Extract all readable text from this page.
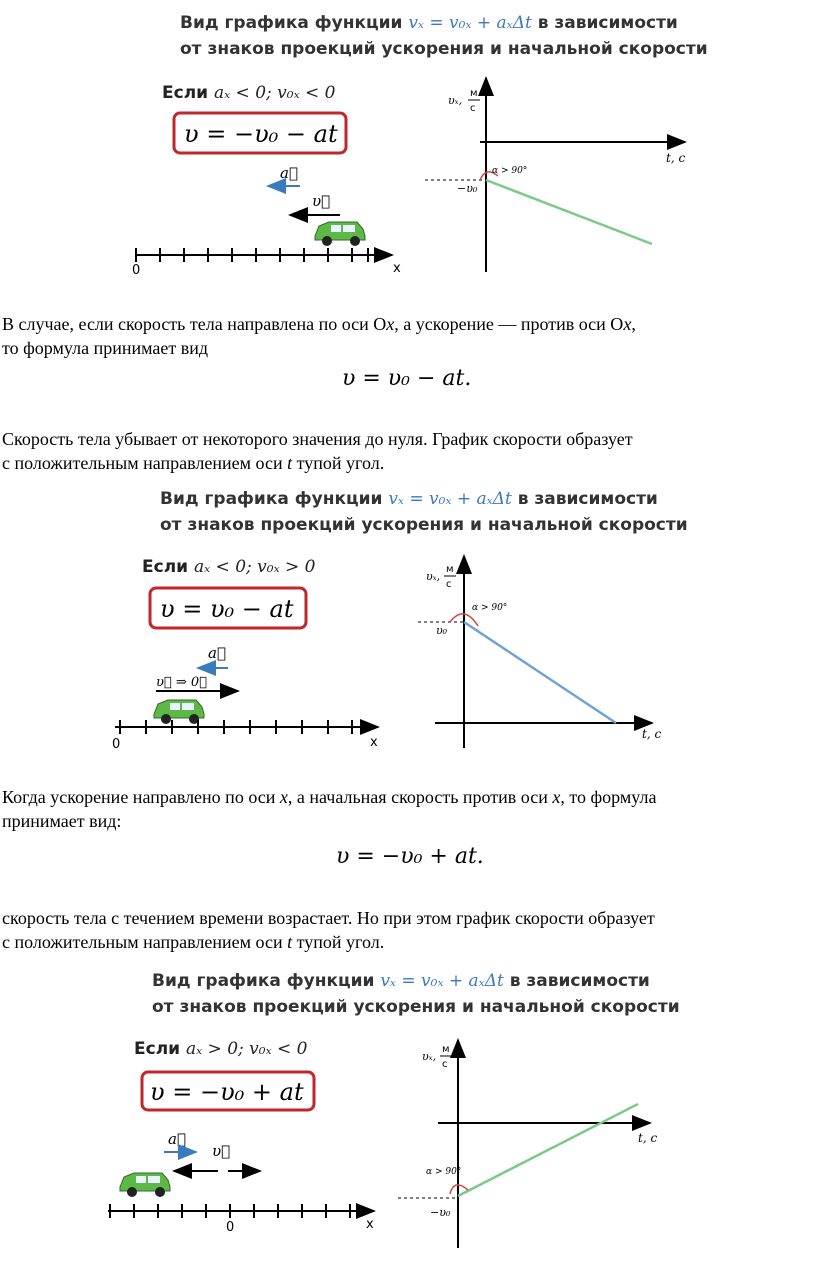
Вид графика функции vₓ = v₀ₓ + aₓΔt в зависимости
от знаков проекций ускорения и начальной скорости
Если aₓ < 0; v₀ₓ < 0
υ = −υ₀ − at
a⃗
υ⃗
0	x
υₓ,
м
с
t, с
−υ₀
α > 90°

В случае, если скорость тела направлена по оси Ox, а ускорение — против оси Ox,

то формула принимает вид

υ = υ₀ − at.

Скорость тела убывает от некоторого значения до нуля. График скорости образует

с положительным направлением оси t тупой угол.

Вид графика функции vₓ = v₀ₓ + aₓΔt в зависимости
от знаков проекций ускорения и начальной скорости
Если aₓ < 0; v₀ₓ > 0
υ = υ₀ − at
a⃗
υ⃗ ⇒ 0⃗
0	x
υₓ,
м
с
t, с
υ₀
α > 90°

Когда ускорение направлено по оси x, а начальная скорость против оси x, то формула

принимает вид:

υ = −υ₀ + at.

скорость тела с течением времени возрастает. Но при этом график скорости образует

с положительным направлением оси t тупой угол.

Вид графика функции vₓ = v₀ₓ + aₓΔt в зависимости
от знаков проекций ускорения и начальной скорости
Если aₓ > 0; v₀ₓ < 0
υ = −υ₀ + at
a⃗
υ⃗
0	x
υₓ,
м
с
t, с
−υ₀
α > 90°
